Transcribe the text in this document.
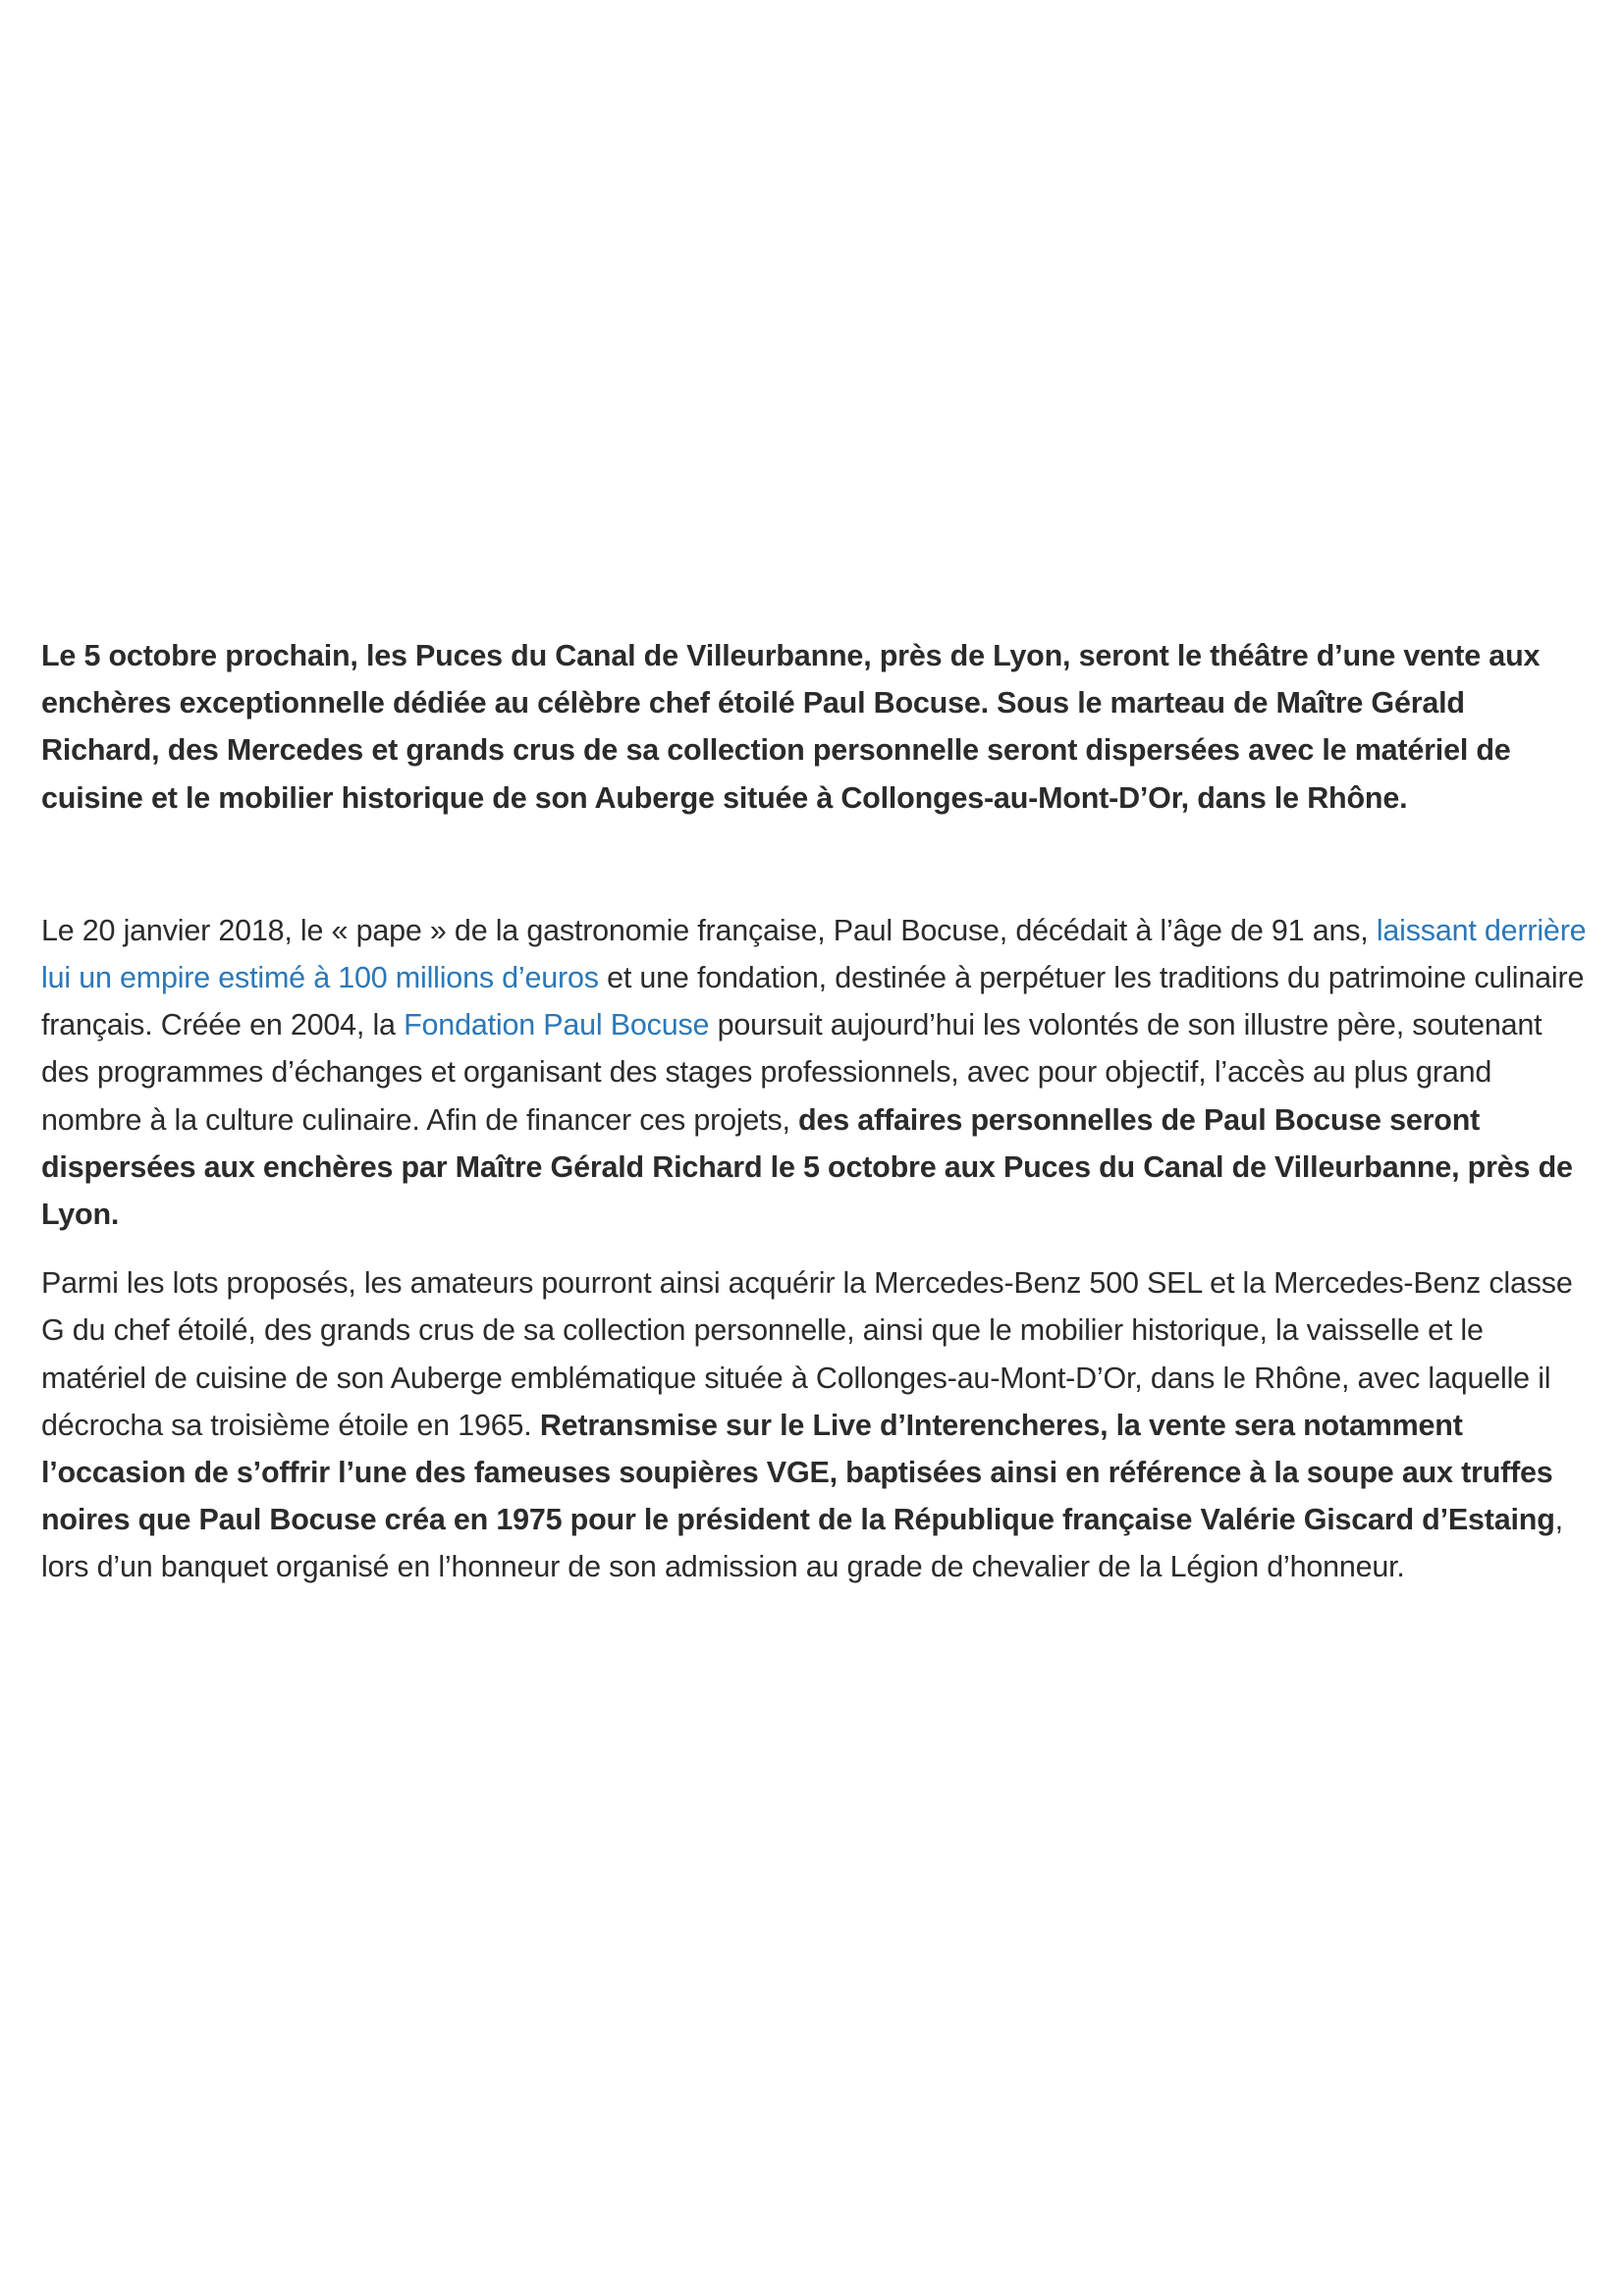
Le 5 octobre prochain, les Puces du Canal de Villeurbanne, près de Lyon, seront le théâtre d’une vente aux enchères exceptionnelle dédiée au célèbre chef étoilé Paul Bocuse. Sous le marteau de Maître Gérald Richard, des Mercedes et grands crus de sa collection personnelle seront dispersées avec le matériel de cuisine et le mobilier historique de son Auberge située à Collonges-au-Mont-D’Or, dans le Rhône.

Le 20 janvier 2018, le « pape » de la gastronomie française, Paul Bocuse, décédait à l’âge de 91 ans, laissant derrière lui un empire estimé à 100 millions d’euros et une fondation, destinée à perpétuer les traditions du patrimoine culinaire français. Créée en 2004, la Fondation Paul Bocuse poursuit aujourd’hui les volontés de son illustre père, soutenant des programmes d’échanges et organisant des stages professionnels, avec pour objectif, l’accès au plus grand nombre à la culture culinaire. Afin de financer ces projets, des affaires personnelles de Paul Bocuse seront dispersées aux enchères par Maître Gérald Richard le 5 octobre aux Puces du Canal de Villeurbanne, près de Lyon.

Parmi les lots proposés, les amateurs pourront ainsi acquérir la Mercedes-Benz 500 SEL et la Mercedes-Benz classe G du chef étoilé, des grands crus de sa collection personnelle, ainsi que le mobilier historique, la vaisselle et le matériel de cuisine de son Auberge emblématique située à Collonges-au-Mont-D’Or, dans le Rhône, avec laquelle il décrocha sa troisième étoile en 1965. Retransmise sur le Live d’Interencheres, la vente sera notamment l’occasion de s’offrir l’une des fameuses soupières VGE, baptisées ainsi en référence à la soupe aux truffes noires que Paul Bocuse créa en 1975 pour le président de la République française Valérie Giscard d’Estaing, lors d’un banquet organisé en l’honneur de son admission au grade de chevalier de la Légion d’honneur.
